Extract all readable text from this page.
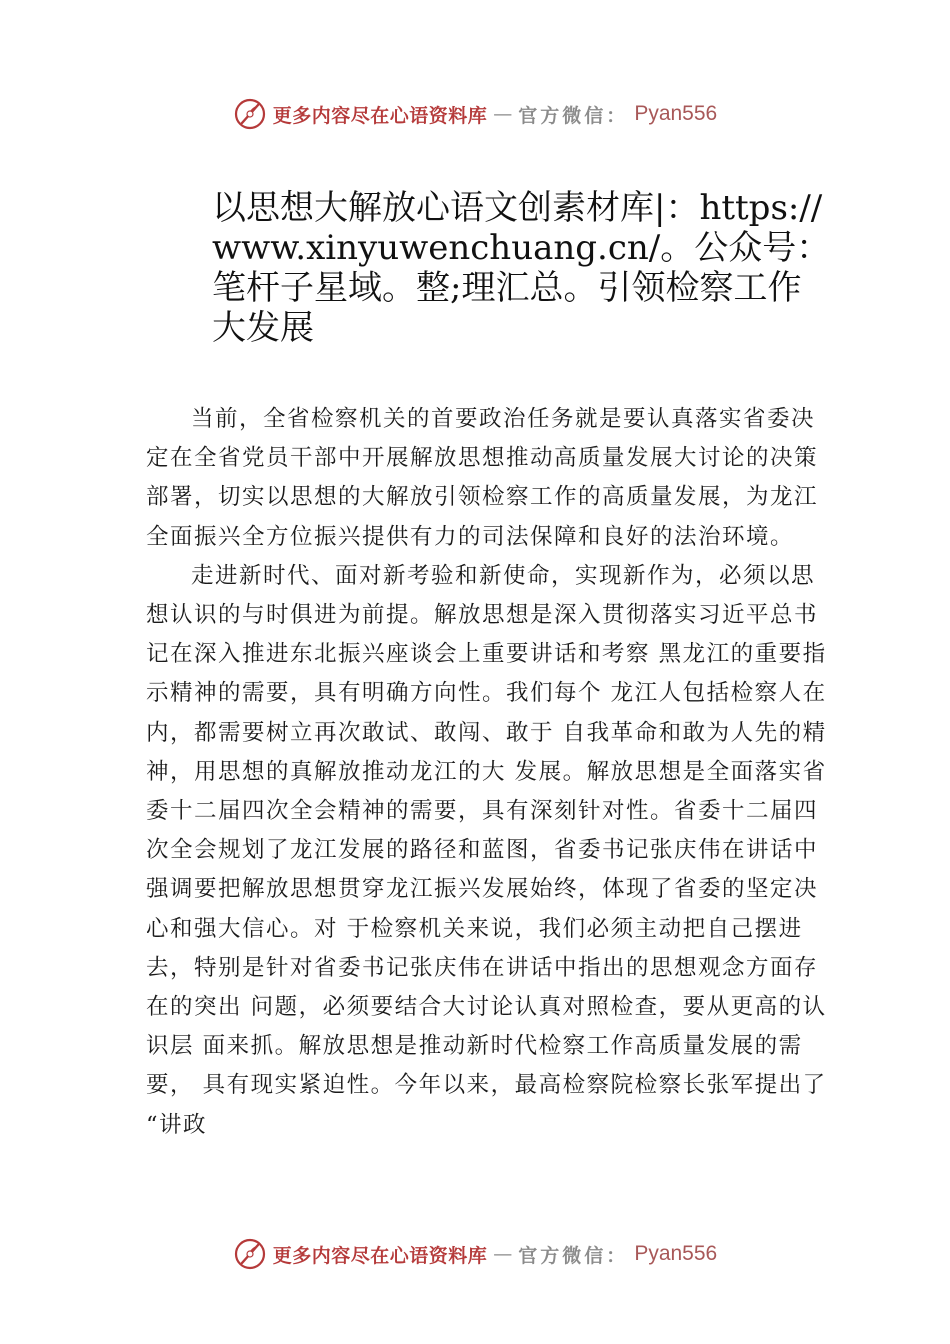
更多内容尽在心语资料库 — 官方微信： Pyan556
以思想大解放心语文创素材库|：https://www.xinyuwenchuang.cn/。公众号：笔杆子星域。整;理汇总。引领检察工作大发展

当前，全省检察机关的首要政治任务就是要认真落实省委决定在全省党员干部中开展解放思想推动高质量发展大讨论的决策部署，切实以思想的大解放引领检察工作的高质量发展，为龙江全面振兴全方位振兴提供有力的司法保障和良好的法治环境。

走进新时代、面对新考验和新使命，实现新作为，必须以思想认识的与时俱进为前提。解放思想是深入贯彻落实习近平总书记在深入推进东北振兴座谈会上重要讲话和考察 黑龙江的重要指示精神的需要，具有明确方向性。我们每个 龙江人包括检察人在内，都需要树立再次敢试、敢闯、敢于 自我革命和敢为人先的精神，用思想的真解放推动龙江的大 发展。解放思想是全面落实省委十二届四次全会精神的需要，具有深刻针对性。省委十二届四次全会规划了龙江发展的路径和蓝图，省委书记张庆伟在讲话中强调要把解放思想贯穿龙江振兴发展始终，体现了省委的坚定决心和强大信心。对 于检察机关来说，我们必须主动把自己摆进去，特别是针对省委书记张庆伟在讲话中指出的思想观念方面存在的突出 问题，必须要结合大讨论认真对照检查，要从更高的认识层 面来抓。解放思想是推动新时代检察工作高质量发展的需要， 具有现实紧迫性。今年以来，最高检察院检察长张军提出了 “讲政

更多内容尽在心语资料库 — 官方微信： Pyan556
